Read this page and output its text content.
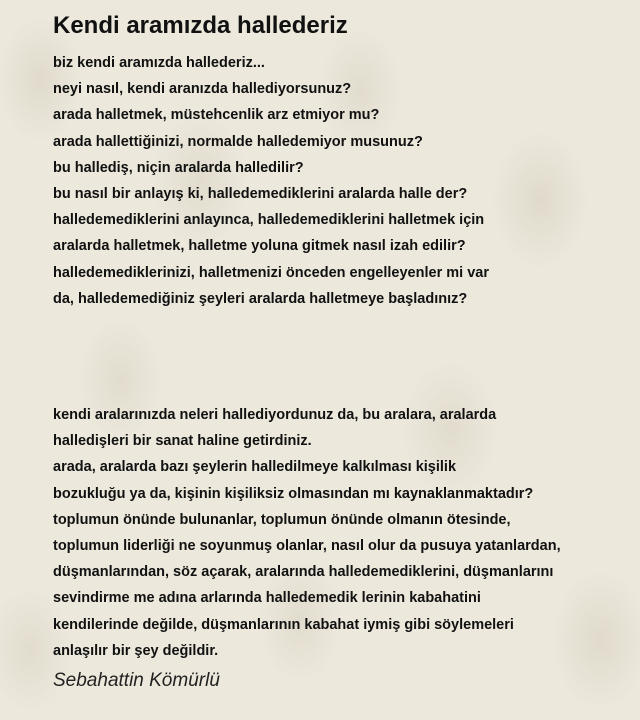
Kendi aramızda hallederiz
biz kendi aramızda hallederiz...
neyi nasıl, kendi aranızda hallediyorsunuz?
arada halletmek, müstehcenlik arz etmiyor mu?
arada hallettiğinizi, normalde halledemiyor musunuz?
bu hallediş, niçin aralarda halledilir?
bu nasıl bir anlayış ki, halledemediklerini aralarda halle der?
halledemediklerini anlayınca, halledemediklerini halletmek için
aralarda halletmek, halletme yoluna gitmek nasıl izah edilir?
halledemediklerinizi, halletmenizi önceden engelleyenler mi var
da, halledemediğiniz şeyleri aralarda halletmeye başladınız?
kendi aralarınızda neleri hallediyordunuz da, bu aralara, aralarda
halledişleri bir sanat haline getirdiniz.
arada, aralarda bazı şeylerin halledilmeye kalkılması kişilik
bozukluğu ya da, kişinin kişiliksiz olmasından mı kaynaklanmaktadır?
toplumun önünde bulunanlar, toplumun önünde olmanın ötesinde,
toplumun liderliği ne soyunmuş olanlar, nasıl olur da pusuya yatanlardan,
düşmanlarından, söz açarak, aralarında halledemediklerini, düşmanlarını
sevindirme me adına arlarında halledemedik lerinin kabahatini
kendilerinde değilde, düşmanlarının kabahat iymiş gibi söylemeleri
anlaşılır bir şey değildir.
Sebahattin Kömürlü
